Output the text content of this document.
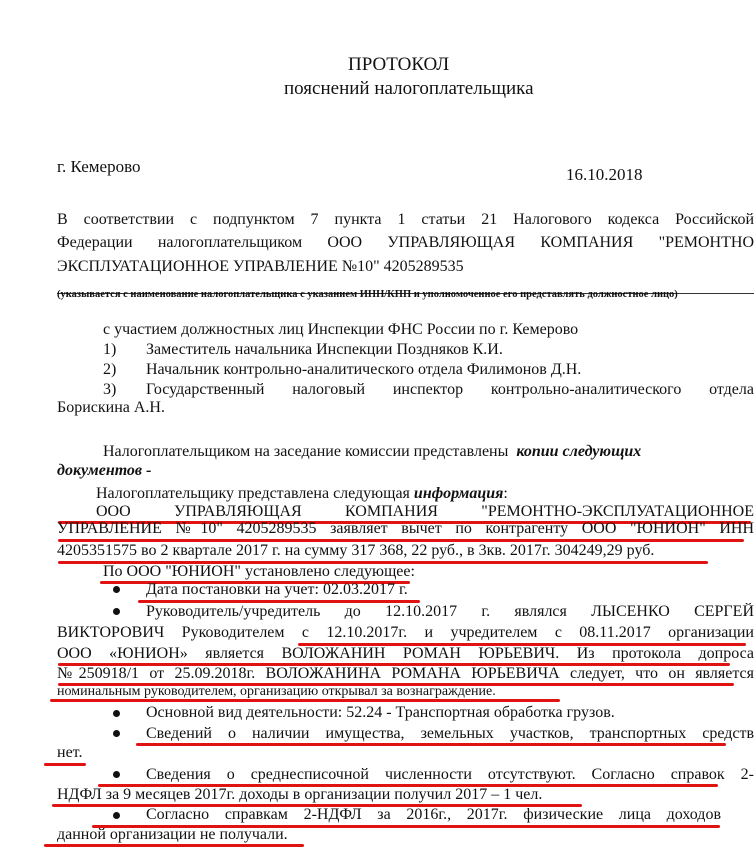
ПРОТОКОЛ
пояснений налогоплательщика
г. Кемерово	16.10.2018
В соответствии с подпунктом 7 пункта 1 статьи 21 Налогового кодекса Российской
Федерации налогоплательщиком ООО УПРАВЛЯЮЩАЯ КОМПАНИЯ "РЕМОНТНО
ЭКСПЛУАТАЦИОННОЕ УПРАВЛЕНИЕ №10" 4205289535
(указывается с наименование налогоплательщика с указанием ИНН/КПП и уполномоченное его представлять должностное лицо)
с участием должностных лиц Инспекции ФНС России по г. Кемерово
1) Заместитель начальника Инспекции Поздняков К.И.
2) Начальник контрольно-аналитического отдела Филимонов Д.Н.
3) Государственный налоговый инспектор контрольно-аналитического отдела
Борискина А.Н.
Налогоплательщиком на заседание комиссии представлены копии следующих
документов -
Налогоплательщику представлена следующая информация:
ООО УПРАВЛЯЮЩАЯ КОМПАНИЯ "РЕМОНТНО-ЭКСПЛУАТАЦИОННОЕ
УПРАВЛЕНИЕ №10" 4205289535 заявляет вычет по контрагенту ООО "ЮНИОН" ИНН
4205351575 во 2 квартале 2017 г. на сумму 317 368, 22 руб., в 3кв. 2017г. 304249,29 руб.
По ООО "ЮНИОН" установлено следующее:
Дата постановки на учет: 02.03.2017 г.
Руководитель/учредитель до 12.10.2017 г. являлся ЛЫСЕНКО СЕРГЕЙ
ВИКТОРОВИЧ Руководителем с 12.10.2017г. и учредителем с 08.11.2017 организации
ООО «ЮНИОН» является ВОЛОЖАНИН РОМАН ЮРЬЕВИЧ. Из протокола допроса
№250918/1 от 25.09.2018г. ВОЛОЖАНИНА РОМАНА ЮРЬЕВИЧА следует, что он является
номинальным руководителем, организацию открывал за вознаграждение.
Основной вид деятельности: 52.24 - Транспортная обработка грузов.
Сведений о наличии имущества, земельных участков, транспортных средств
нет.
Сведения о среднесписочной численности отсутствуют. Согласно справок 2-
НДФЛ за 9 месяцев 2017г. доходы в организации получил 2017 – 1 чел.
Согласно справкам 2-НДФЛ за 2016г., 2017г. физические лица доходов
данной организации не получали.
